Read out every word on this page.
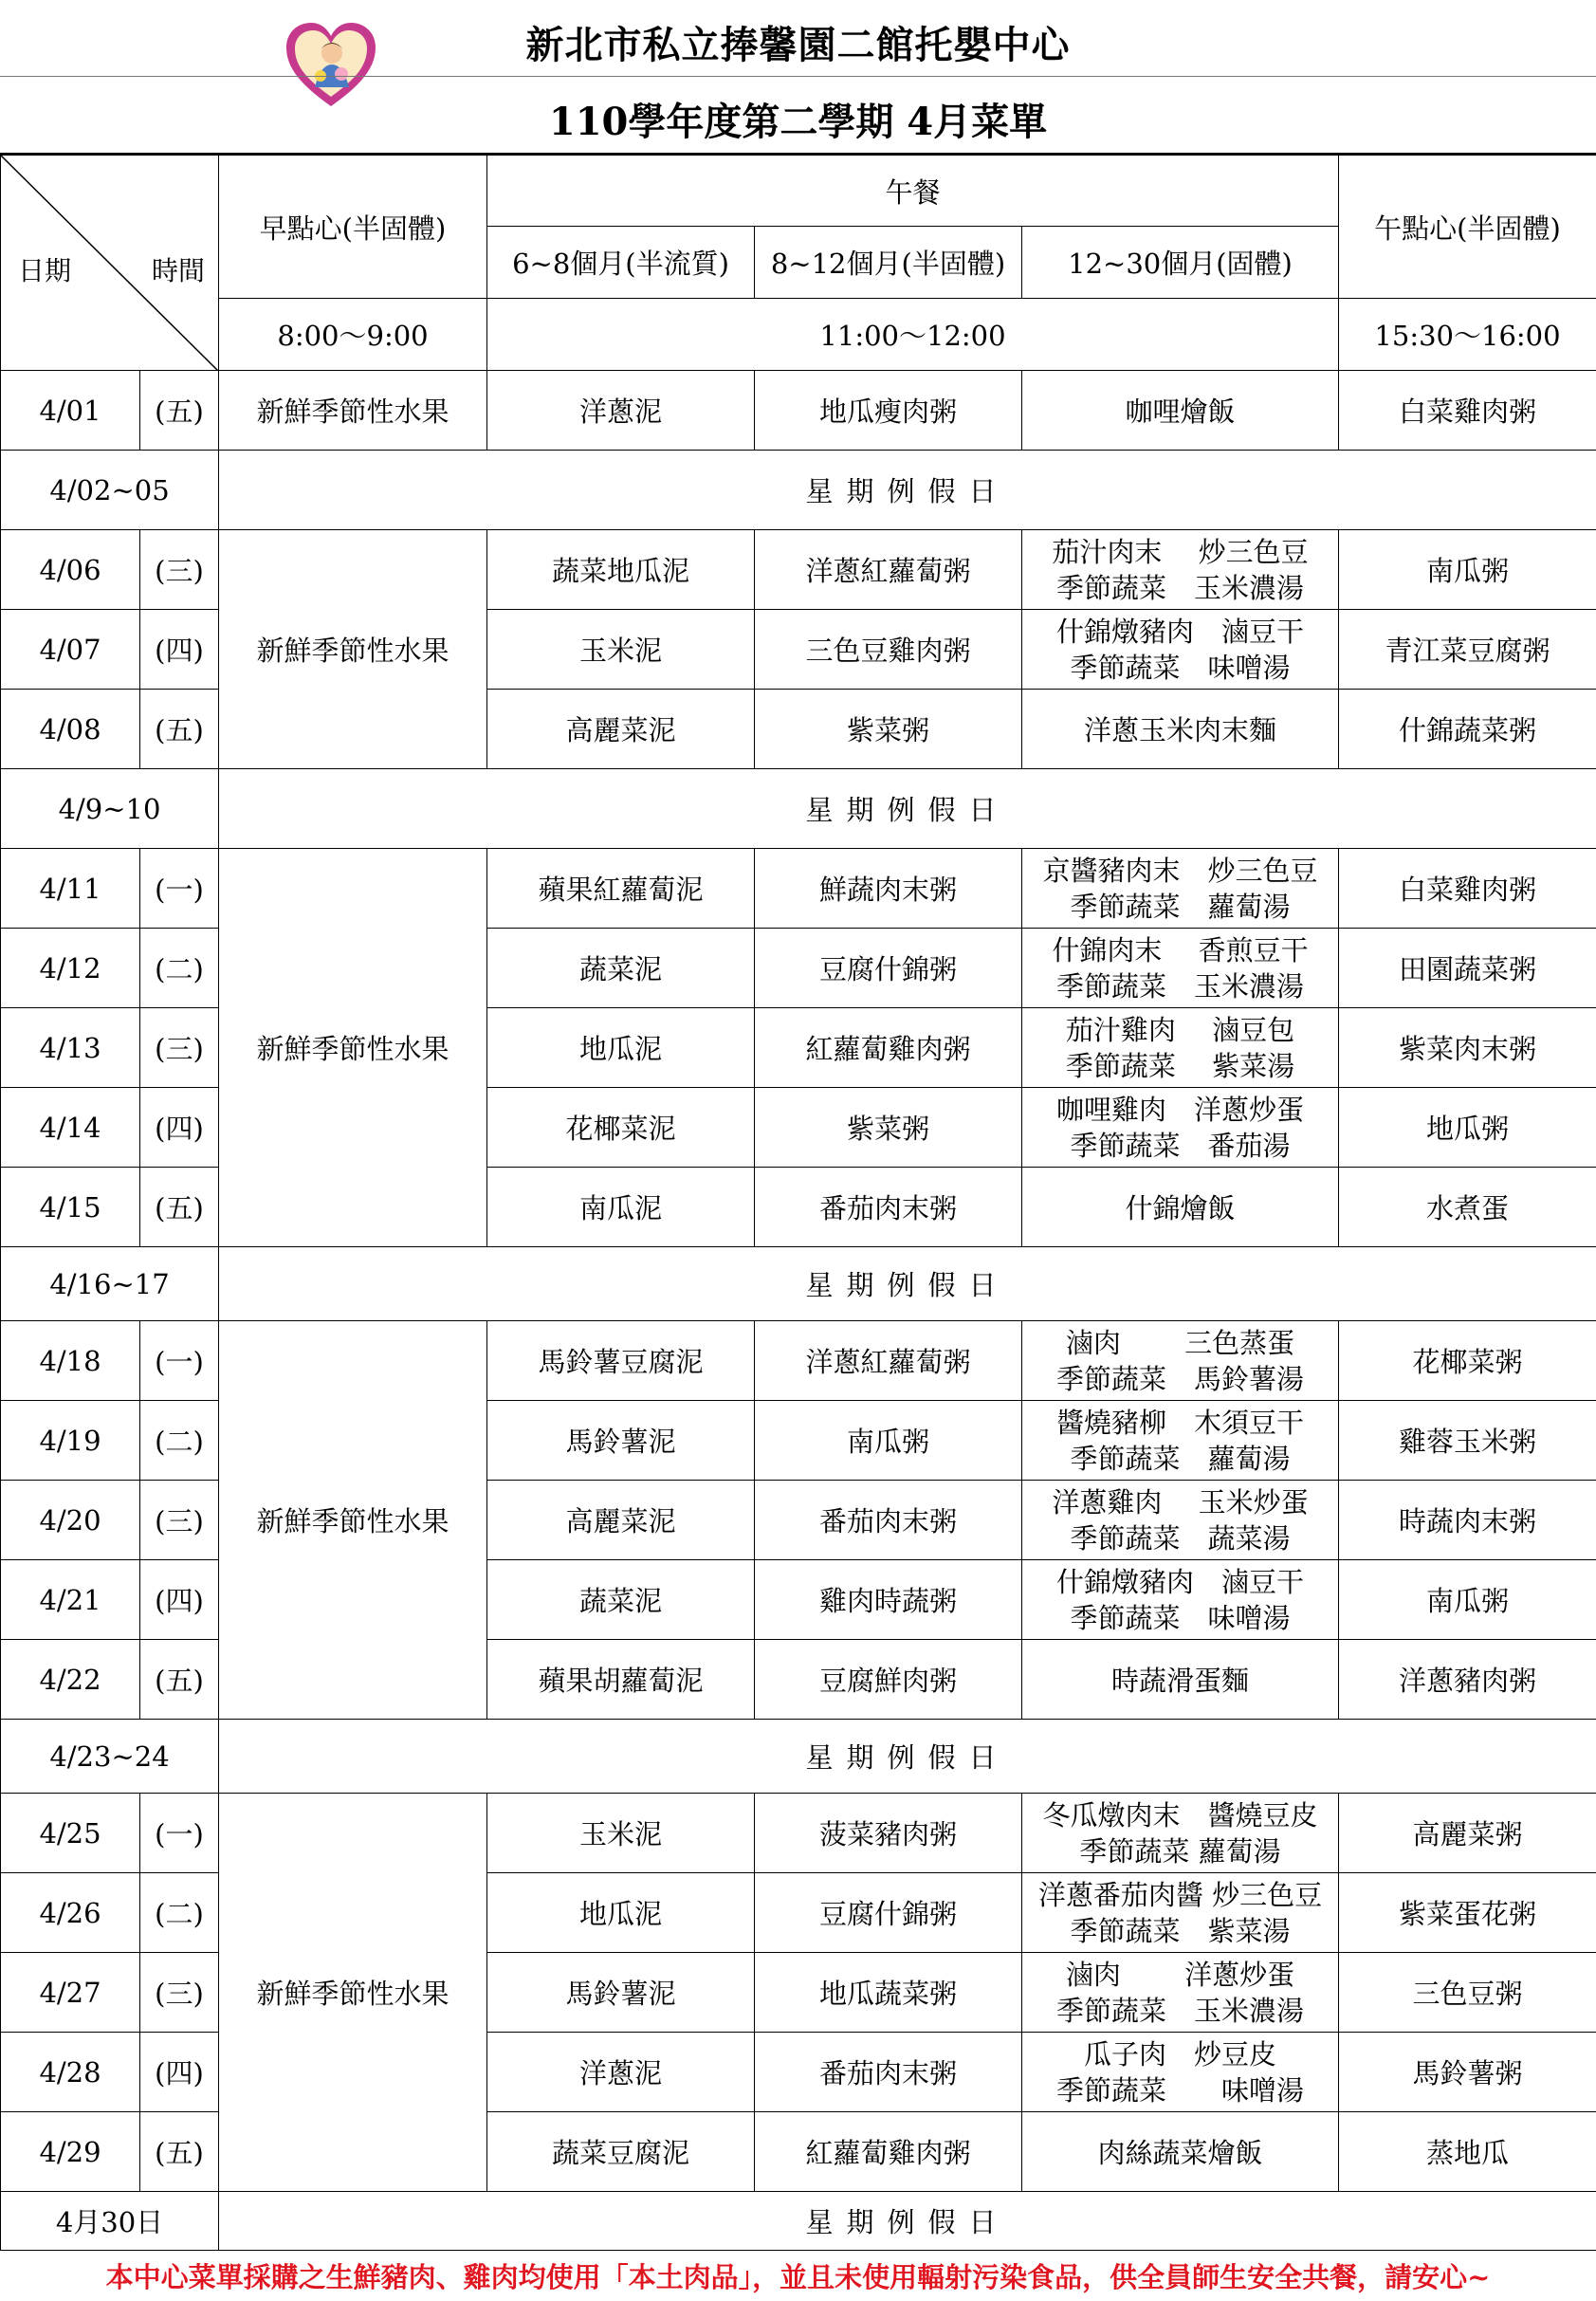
新北市私立捧馨園二館托嬰中心
110學年度第二學期 4月菜單
日期 時間		早點心(半固體)	午餐			午點心(半固體)
			6~8個月(半流質)	8~12個月(半固體)	12~30個月(固體)	
		8:00～9:00	11:00～12:00			15:30～16:00
4/01	(五)	新鮮季節性水果	洋蔥泥	地瓜瘦肉粥	咖哩燴飯	白菜雞肉粥
4/02~05		星期例假日				
4/06	(三)	新鮮季節性水果	蔬菜地瓜泥	洋蔥紅蘿蔔粥	茄汁肉末　 炒三色豆
季節蔬菜　玉米濃湯	南瓜粥
4/07	(四)		玉米泥	三色豆雞肉粥	什錦燉豬肉　滷豆干
季節蔬菜　味噌湯	青江菜豆腐粥
4/08	(五)		高麗菜泥	紫菜粥	洋蔥玉米肉末麵	什錦蔬菜粥
4/9~10		星期例假日				
4/11	(一)	新鮮季節性水果	蘋果紅蘿蔔泥	鮮蔬肉末粥	京醬豬肉末　炒三色豆
季節蔬菜　蘿蔔湯	白菜雞肉粥
4/12	(二)		蔬菜泥	豆腐什錦粥	什錦肉末　 香煎豆干
季節蔬菜　玉米濃湯	田園蔬菜粥
4/13	(三)		地瓜泥	紅蘿蔔雞肉粥	茄汁雞肉　 滷豆包
季節蔬菜　 紫菜湯	紫菜肉末粥
4/14	(四)		花椰菜泥	紫菜粥	咖哩雞肉　洋蔥炒蛋
季節蔬菜　番茄湯	地瓜粥
4/15	(五)		南瓜泥	番茄肉末粥	什錦燴飯	水煮蛋
4/16~17		星期例假日				
4/18	(一)	新鮮季節性水果	馬鈴薯豆腐泥	洋蔥紅蘿蔔粥	滷肉　　 三色蒸蛋
季節蔬菜　馬鈴薯湯	花椰菜粥
4/19	(二)		馬鈴薯泥	南瓜粥	醬燒豬柳　木須豆干
季節蔬菜　蘿蔔湯	雞蓉玉米粥
4/20	(三)		高麗菜泥	番茄肉末粥	洋蔥雞肉　 玉米炒蛋
季節蔬菜　蔬菜湯	時蔬肉末粥
4/21	(四)		蔬菜泥	雞肉時蔬粥	什錦燉豬肉　滷豆干
季節蔬菜　味噌湯	南瓜粥
4/22	(五)		蘋果胡蘿蔔泥	豆腐鮮肉粥	時蔬滑蛋麵	洋蔥豬肉粥
4/23~24		星期例假日				
4/25	(一)	新鮮季節性水果	玉米泥	菠菜豬肉粥	冬瓜燉肉末　醬燒豆皮
季節蔬菜 蘿蔔湯	高麗菜粥
4/26	(二)		地瓜泥	豆腐什錦粥	洋蔥番茄肉醬 炒三色豆
季節蔬菜　紫菜湯	紫菜蛋花粥
4/27	(三)		馬鈴薯泥	地瓜蔬菜粥	滷肉　　 洋蔥炒蛋
季節蔬菜　玉米濃湯	三色豆粥
4/28	(四)		洋蔥泥	番茄肉末粥	瓜子肉　炒豆皮
季節蔬菜　　味噌湯	馬鈴薯粥
4/29	(五)		蔬菜豆腐泥	紅蘿蔔雞肉粥	肉絲蔬菜燴飯	蒸地瓜
4月30日		星期例假日				
本中心菜單採購之生鮮豬肉、雞肉均使用「本土肉品」，並且未使用輻射污染食品，供全員師生安全共餐，請安心~
